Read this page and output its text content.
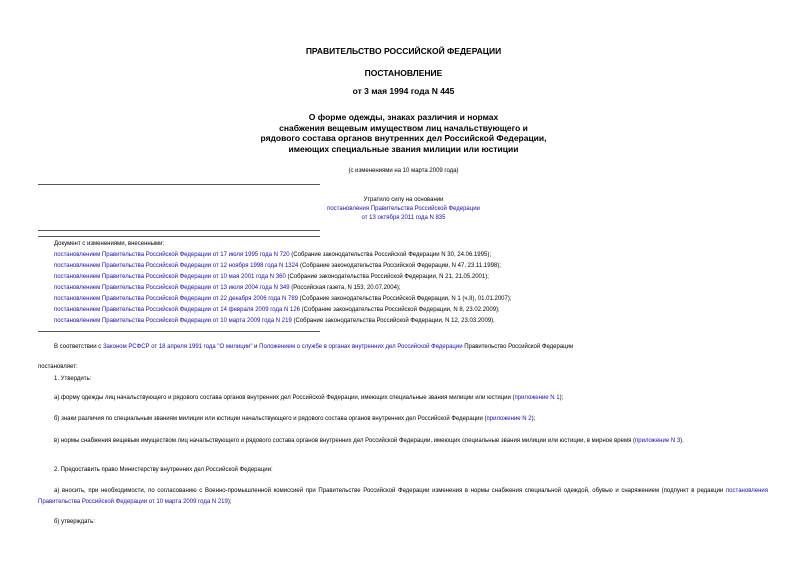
ПРАВИТЕЛЬСТВО РОССИЙСКОЙ ФЕДЕРАЦИИ
ПОСТАНОВЛЕНИЕ
от 3 мая 1994 года N 445
О форме одежды, знаках различия и нормах
снабжения вещевым имуществом лиц начальствующего и
рядового состава органов внутренних дел Российской Федерации,
имеющих специальные звания милиции или юстиции
(с изменениями на 10 марта 2009 года)
Утратило силу на основании
постановления Правительства Российской Федерации
от 13 октября 2011 года N 835
Документ с изменениями, внесенными:
постановлением Правительства Российской Федерации от 17 июля 1995 года N 720 (Собрание законодательства Российской Федерации N 30, 24.06.1995);
постановлением Правительства Российской Федерации от 12 ноября 1998 года N 1324 (Собрание законодательства Российской Федерации, N 47, 23.11.1998);
постановлением Правительства Российской Федерации от 10 мая 2001 года N 360 (Собрание законодательства Российской Федерации, N 21, 21.05.2001);
постановлением Правительства Российской Федерации от 13 июля 2004 года N 349 (Российская газета, N 153, 20.07.2004);
постановлением Правительства Российской Федерации от 22 декабря 2006 года N 789 (Собрание законодательства Российской Федерации, N 1 (ч.II), 01.01.2007);
постановлением Правительства Российской Федерации от 14 февраля 2009 года N 126 (Собрание законодательства Российской Федерации, N 8, 23.02.2009);
постановлением Правительства Российской Федерации от 10 марта 2009 года N 219 (Собрание законодательства Российской Федерации, N 12, 23.03.2009).
В соответствии с Законом РСФСР от 18 апреля 1991 года "О милиции" и Положением о службе в органах внутренних дел Российской Федерации Правительство Российской Федерации
постановляет:
1. Утвердить:
а) форму одежды лиц начальствующего и рядового состава органов внутренних дел Российской Федерации, имеющих специальные звания милиции или юстиции (приложение N 1);
б) знаки различия по специальным званиям милиции или юстиции начальствующего и рядового состава органов внутренних дел Российской Федерации (приложение N 2);
в) нормы снабжения вещевым имуществом лиц начальствующего и рядового состава органов внутренних дел Российской Федерации, имеющих специальные звания милиции или юстиции, в мирное время (приложение N 3).
2. Предоставить право Министерству внутренних дел Российской Федерации:
а) вносить, при необходимости, по согласованию с Военно-промышленной комиссией при Правительстве Российской Федерации изменения в нормы снабжения специальной одеждой, обувью и снаряжением (подпункт в редакции постановления Правительства Российской Федерации от 10 марта 2009 года N 219);
б) утверждать:
